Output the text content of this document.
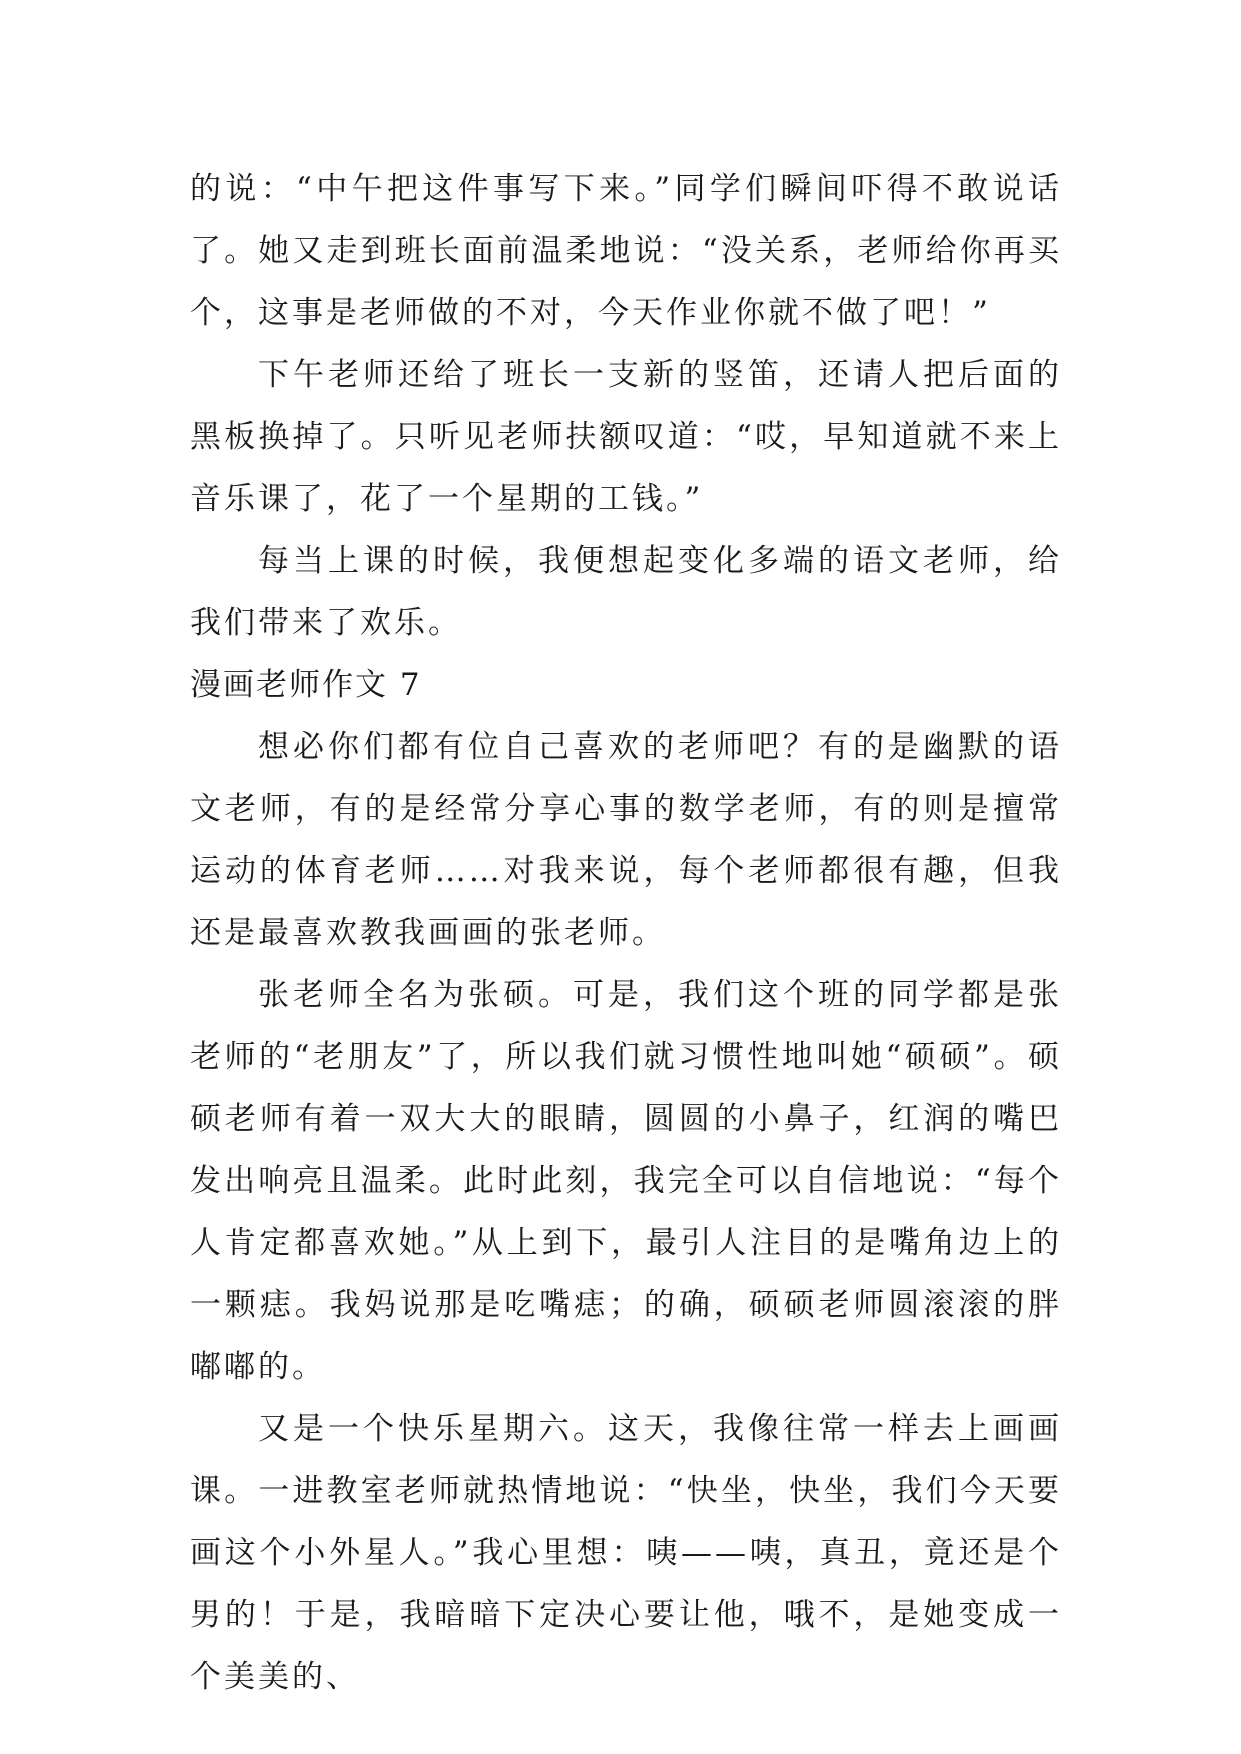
的说：“中午把这件事写下来。”同学们瞬间吓得不敢说话了。她又走到班长面前温柔地说：“没关系，老师给你再买个，这事是老师做的不对，今天作业你就不做了吧！”

下午老师还给了班长一支新的竖笛，还请人把后面的黑板换掉了。只听见老师扶额叹道：“哎，早知道就不来上音乐课了，花了一个星期的工钱。”

每当上课的时候，我便想起变化多端的语文老师，给我们带来了欢乐。

漫画老师作文 7

想必你们都有位自己喜欢的老师吧？有的是幽默的语文老师，有的是经常分享心事的数学老师，有的则是擅常运动的体育老师……对我来说，每个老师都很有趣，但我还是最喜欢教我画画的张老师。

张老师全名为张硕。可是，我们这个班的同学都是张老师的“老朋友”了，所以我们就习惯性地叫她“硕硕”。硕硕老师有着一双大大的眼睛，圆圆的小鼻子，红润的嘴巴发出响亮且温柔。此时此刻，我完全可以自信地说：“每个人肯定都喜欢她。”从上到下，最引人注目的是嘴角边上的一颗痣。我妈说那是吃嘴痣；的确，硕硕老师圆滚滚的胖嘟嘟的。

又是一个快乐星期六。这天，我像往常一样去上画画课。一进教室老师就热情地说：“快坐，快坐，我们今天要画这个小外星人。”我心里想：咦——咦，真丑，竟还是个男的！于是，我暗暗下定决心要让他，哦不，是她变成一个美美的、
